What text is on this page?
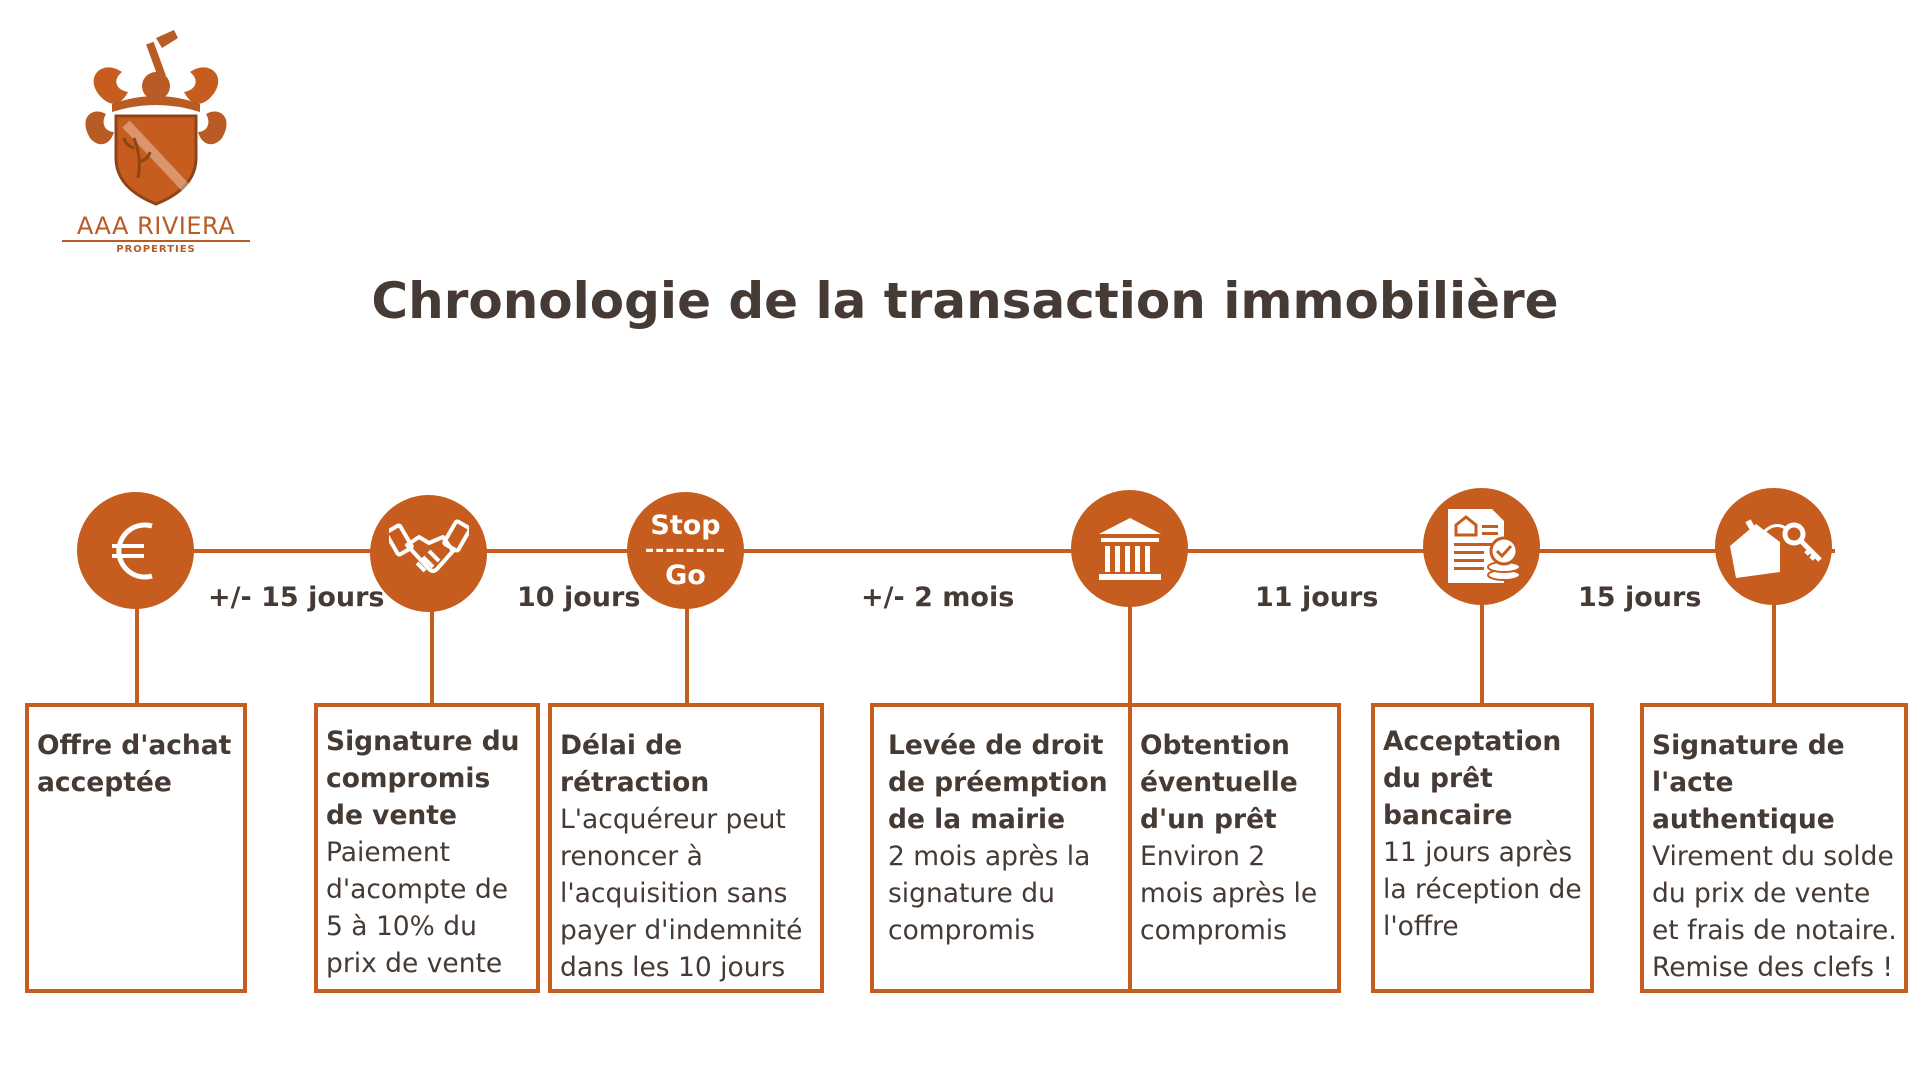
AAA RIVIERA
PROPERTIES
Chronologie de la transaction immobilière
Stop
--------
Go
+/- 15 jours	10 jours	+/- 2 mois	11 jours	15 jours
Offre d'achat acceptée
Signature du compromis de vente
Paiement d'acompte de 5 à 10% du prix de vente
Délai de rétraction
L'acquéreur peut renoncer à l'acquisition sans payer d'indemnité dans les 10 jours
Levée de droit de préemption de la mairie
2 mois après la signature du compromis
Obtention éventuelle d'un prêt
Environ 2 mois après le compromis
Acceptation du prêt bancaire
11 jours après la réception de l'offre
Signature de l'acte authentique
Virement du solde du prix de vente et frais de notaire. Remise des clefs !
